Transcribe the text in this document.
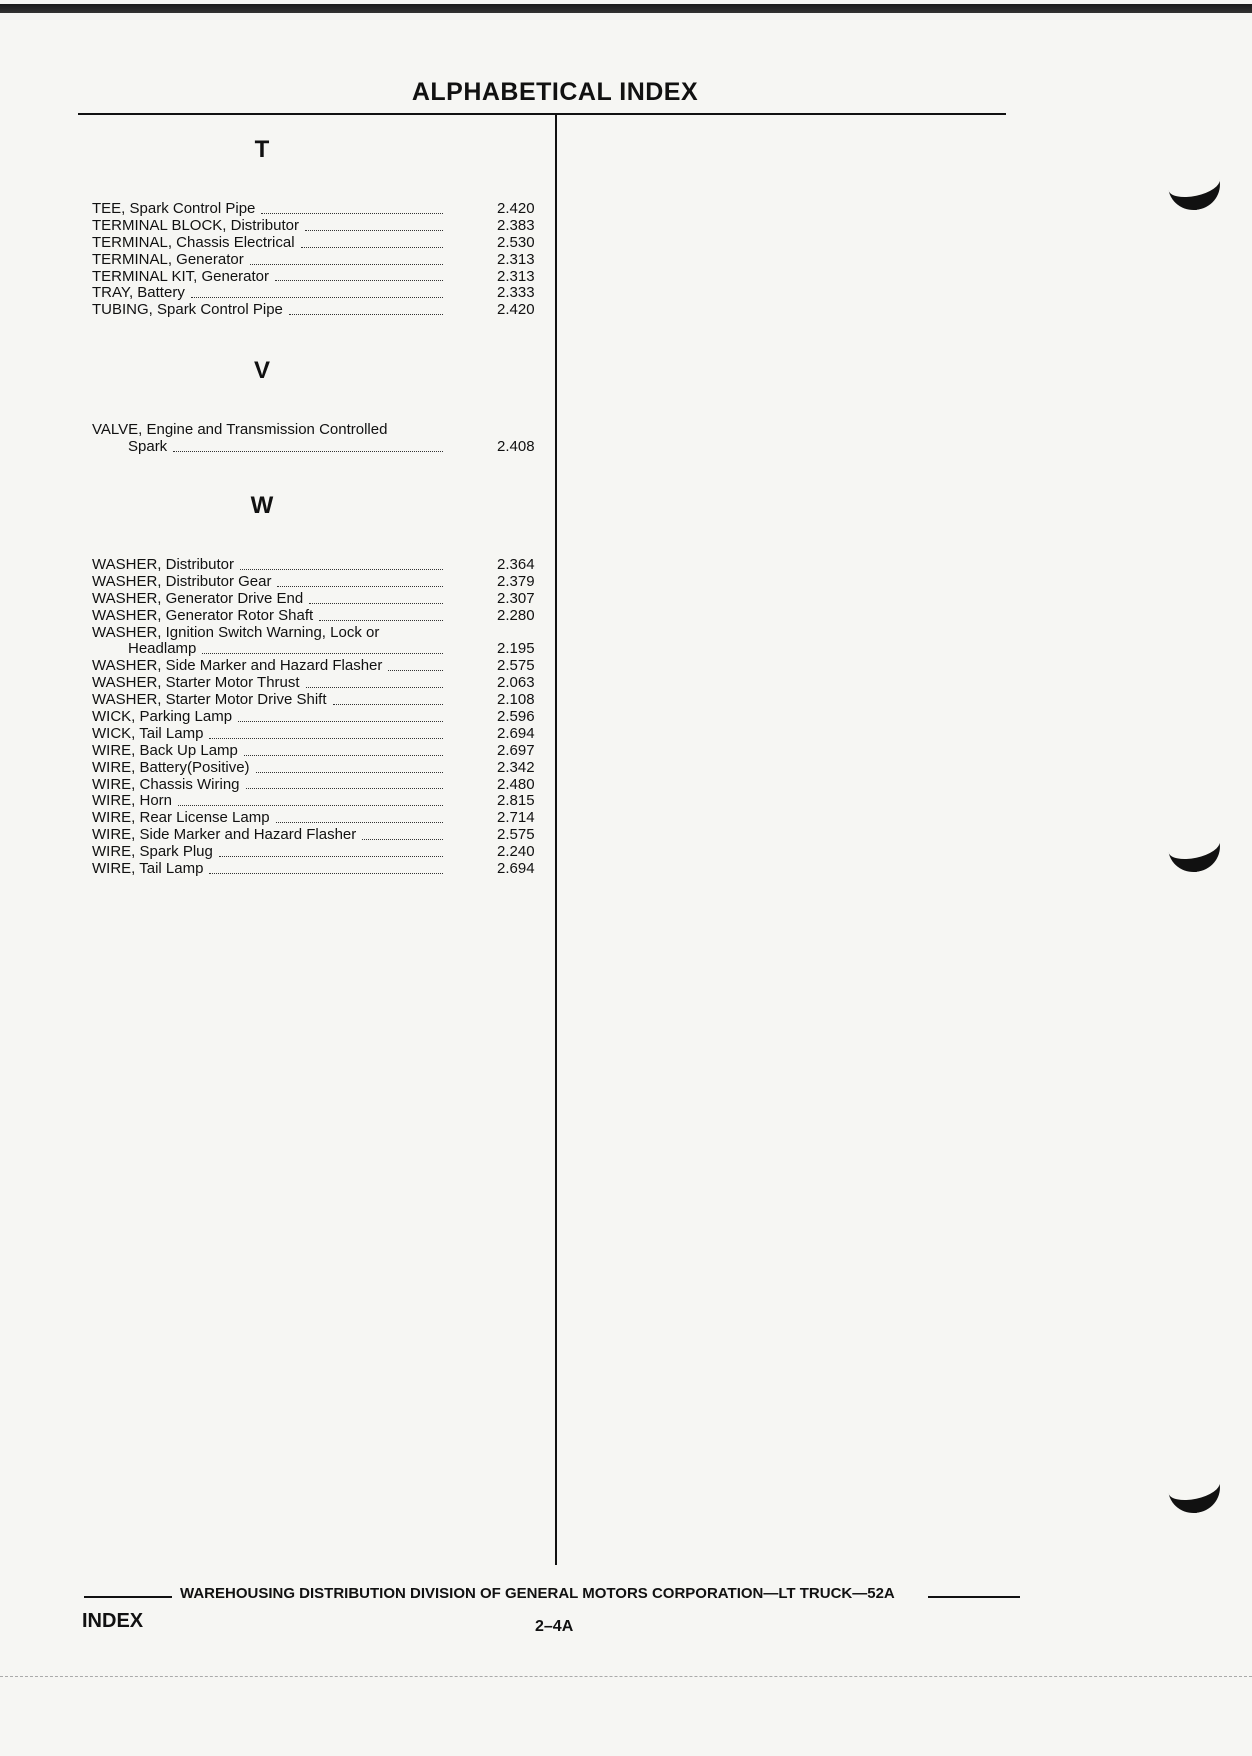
ALPHABETICAL INDEX
T
TEE, Spark Control Pipe	2.420
TERMINAL BLOCK, Distributor	2.383
TERMINAL, Chassis Electrical	2.530
TERMINAL, Generator	2.313
TERMINAL KIT, Generator	2.313
TRAY, Battery	2.333
TUBING, Spark Control Pipe	2.420
V
VALVE, Engine and Transmission Controlled
Spark	2.408
W
WASHER, Distributor	2.364
WASHER, Distributor Gear	2.379
WASHER, Generator Drive End	2.307
WASHER, Generator Rotor Shaft	2.280
WASHER, Ignition Switch Warning, Lock or
Headlamp	2.195
WASHER, Side Marker and Hazard Flasher	2.575
WASHER, Starter Motor Thrust	2.063
WASHER, Starter Motor Drive Shift	2.108
WICK, Parking Lamp	2.596
WICK, Tail Lamp	2.694
WIRE, Back Up Lamp	2.697
WIRE, Battery(Positive)	2.342
WIRE, Chassis Wiring	2.480
WIRE, Horn	2.815
WIRE, Rear License Lamp	2.714
WIRE, Side Marker and Hazard Flasher	2.575
WIRE, Spark Plug	2.240
WIRE, Tail Lamp	2.694
WAREHOUSING DISTRIBUTION DIVISION OF GENERAL MOTORS CORPORATION—LT TRUCK—52A
INDEX	2–4A
